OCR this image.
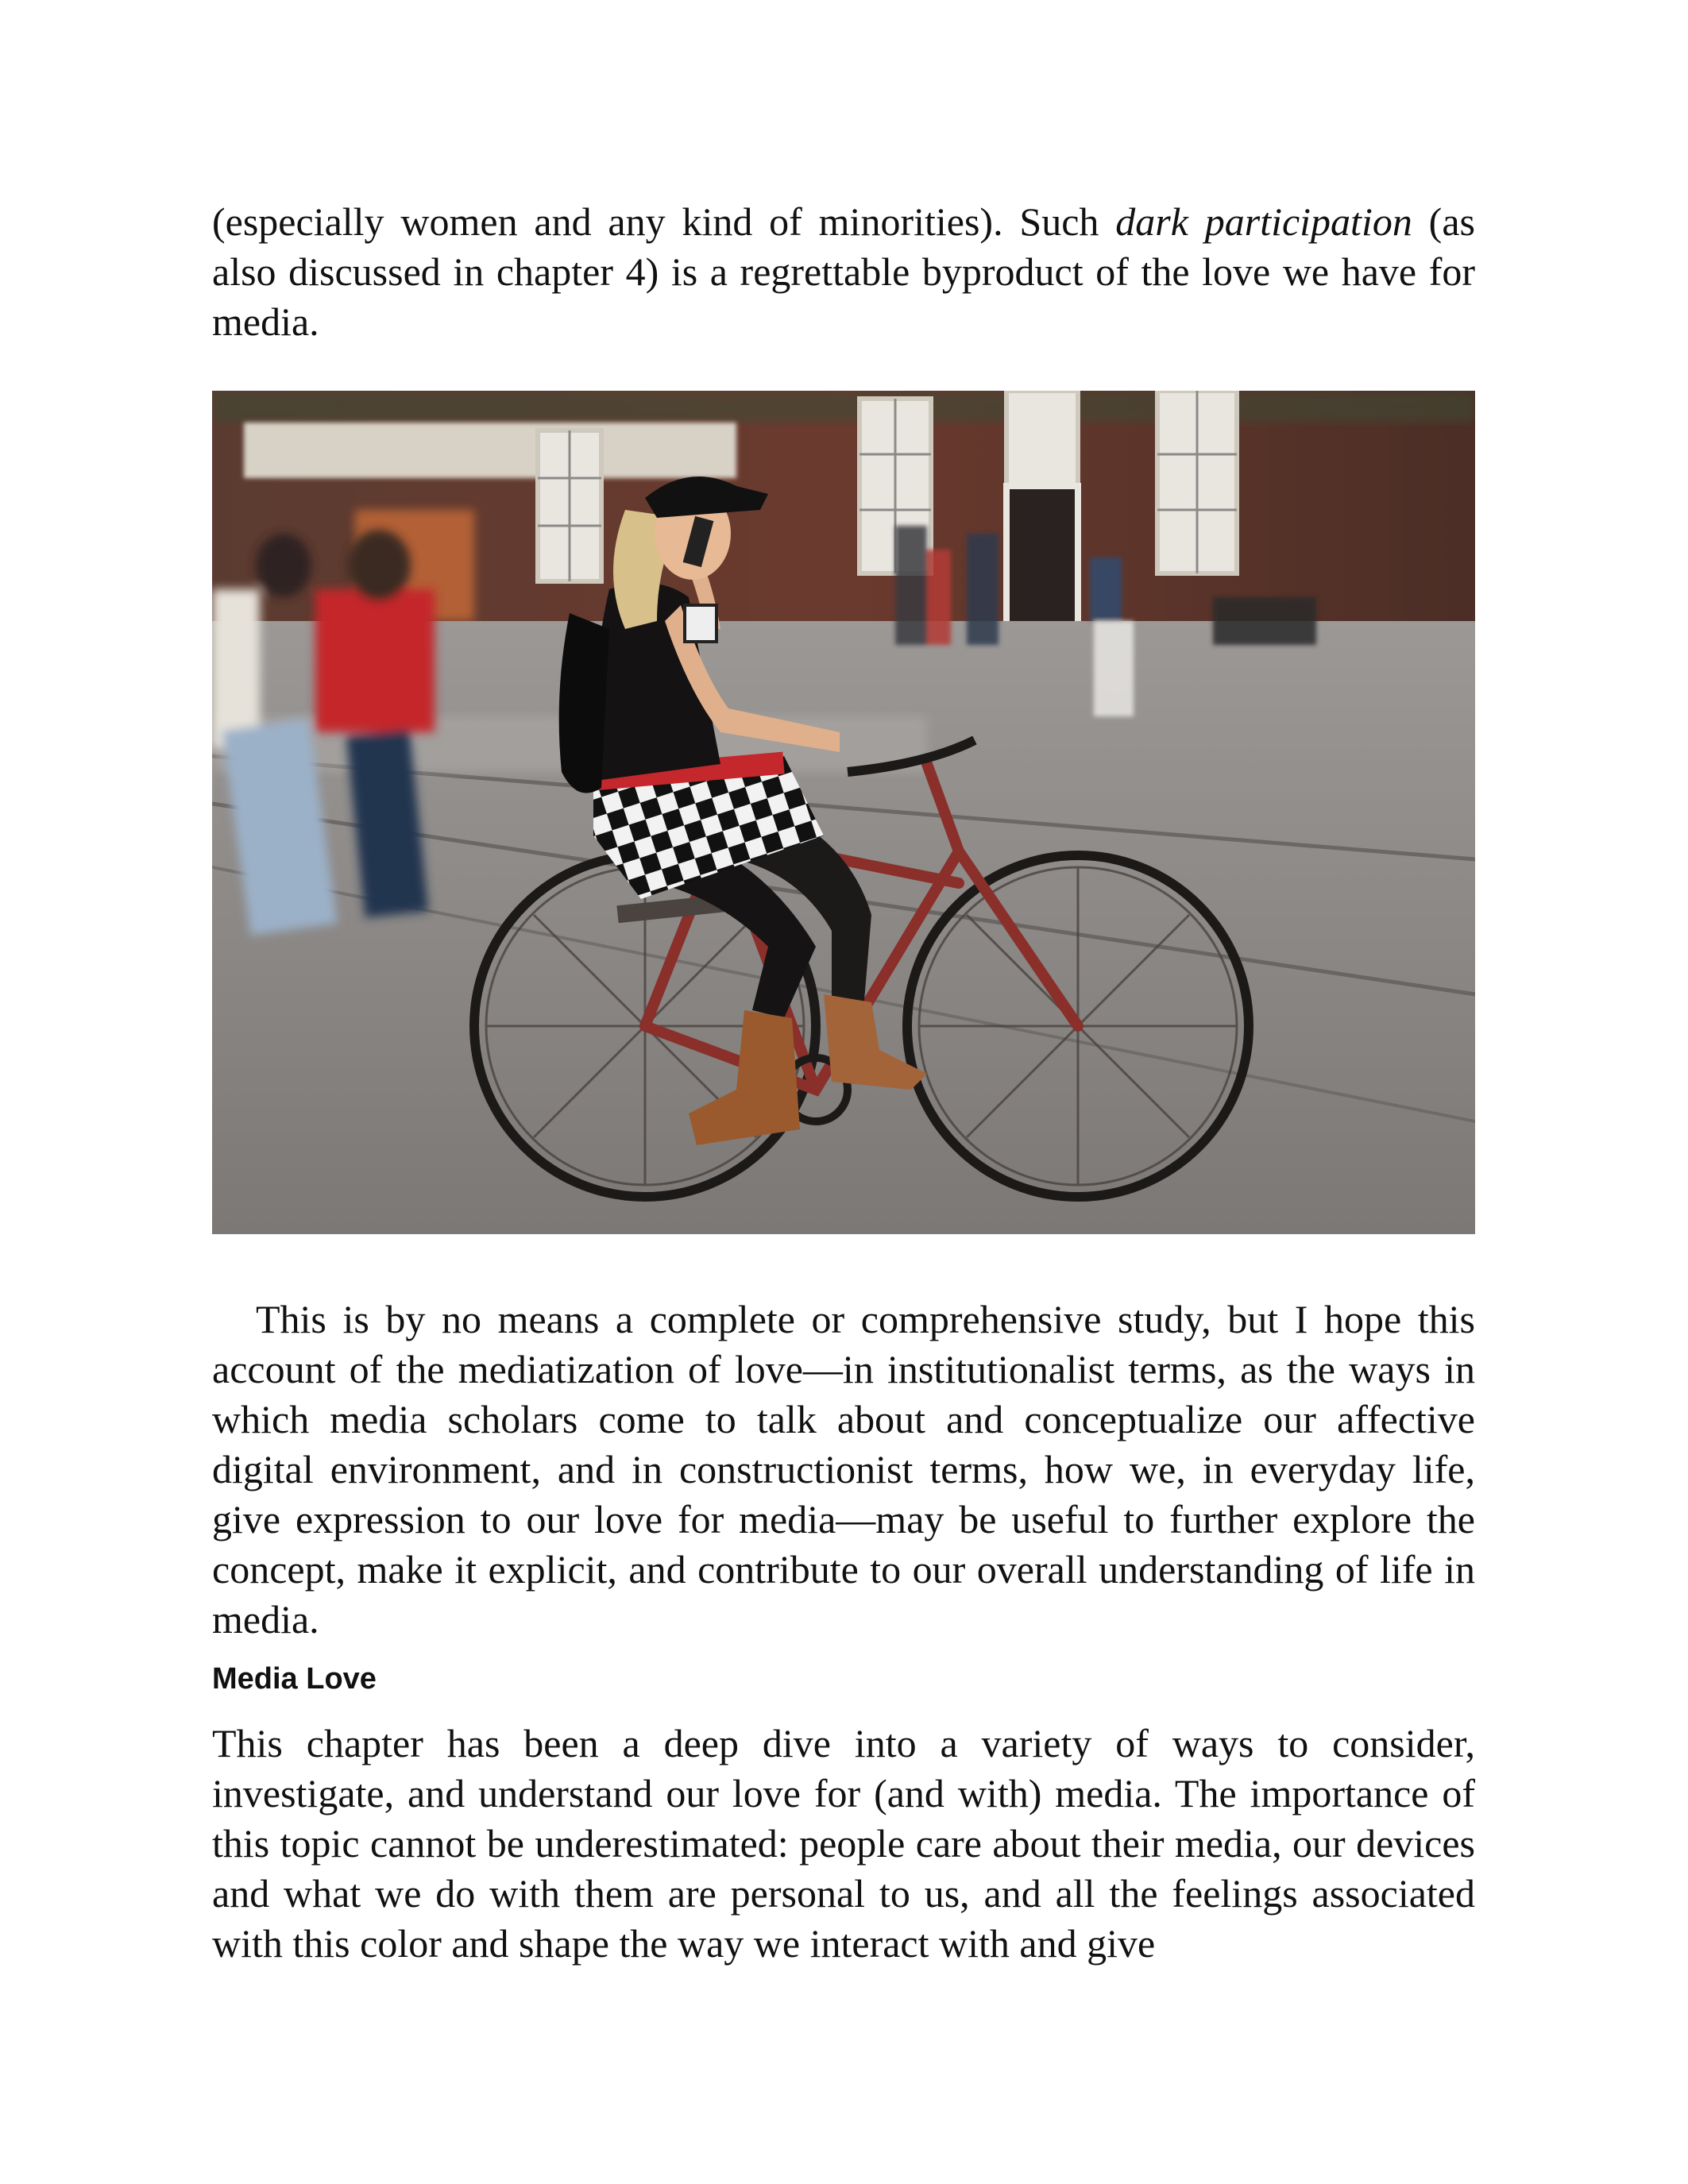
(especially women and any kind of minorities). Such dark participation (as also discussed in chapter 4) is a regrettable byproduct of the love we have for media.

This is by no means a complete or comprehensive study, but I hope this account of the mediatization of love—in institutionalist terms, as the ways in which media scholars come to talk about and conceptualize our affective digital environment, and in constructionist terms, how we, in everyday life, give expression to our love for media—may be useful to further explore the concept, make it explicit, and contribute to our overall understanding of life in media.

Media Love

This chapter has been a deep dive into a variety of ways to consider, investigate, and understand our love for (and with) media. The importance of this topic cannot be underestimated: people care about their media, our devices and what we do with them are personal to us, and all the feelings associated with this color and shape the way we interact with and give
